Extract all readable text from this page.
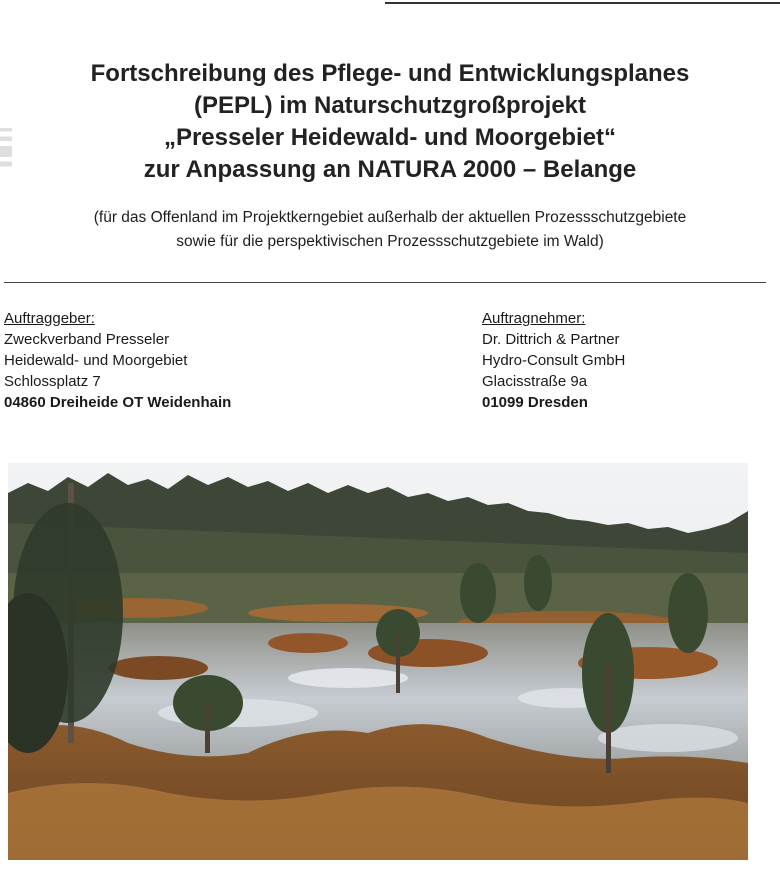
Fortschreibung des Pflege- und Entwicklungsplanes
(PEPL) im Naturschutzgroßprojekt
„Presseler Heidewald- und Moorgebiet“
zur Anpassung an NATURA 2000 – Belange
(für das Offenland im Projektkerngebiet außerhalb der aktuellen Prozessschutzgebiete
sowie für die perspektivischen Prozessschutzgebiete im Wald)
Auftraggeber:
Zweckverband Presseler
Heidewald- und Moorgebiet
Schlossplatz 7
04860 Dreiheide OT Weidenhain
Auftragnehmer:
Dr. Dittrich & Partner
Hydro-Consult GmbH
Glacisstraße 9a
01099 Dresden
